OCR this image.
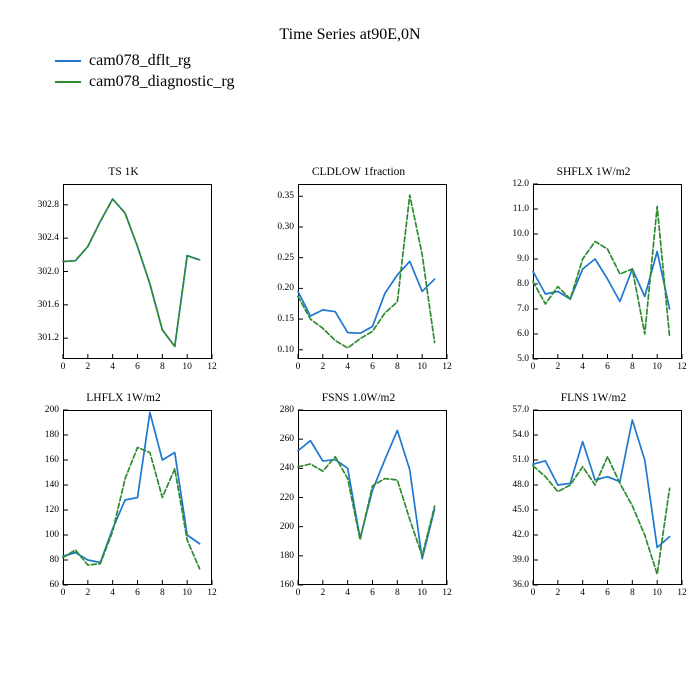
Time Series at90E,0N
cam078_dflt_rg
cam078_diagnostic_rg
TS 1K
301.2
301.6
302.0
302.4
302.8
0 2 4 6 8 10 12
CLDLOW 1fraction
0.10
0.15
0.20
0.25
0.30
0.35
0 2 4 6 8 10 12
SHFLX 1W/m2
5.0
6.0
7.0
8.0
9.0
10.0
11.0
12.0
0 2 4 6 8 10 12
LHFLX 1W/m2
60
80
100
120
140
160
180
200
0 2 4 6 8 10 12
FSNS 1.0W/m2
160
180
200
220
240
260
280
0 2 4 6 8 10 12
FLNS 1W/m2
36.0
39.0
42.0
45.0
48.0
51.0
54.0
57.0
0 2 4 6 8 10 12
